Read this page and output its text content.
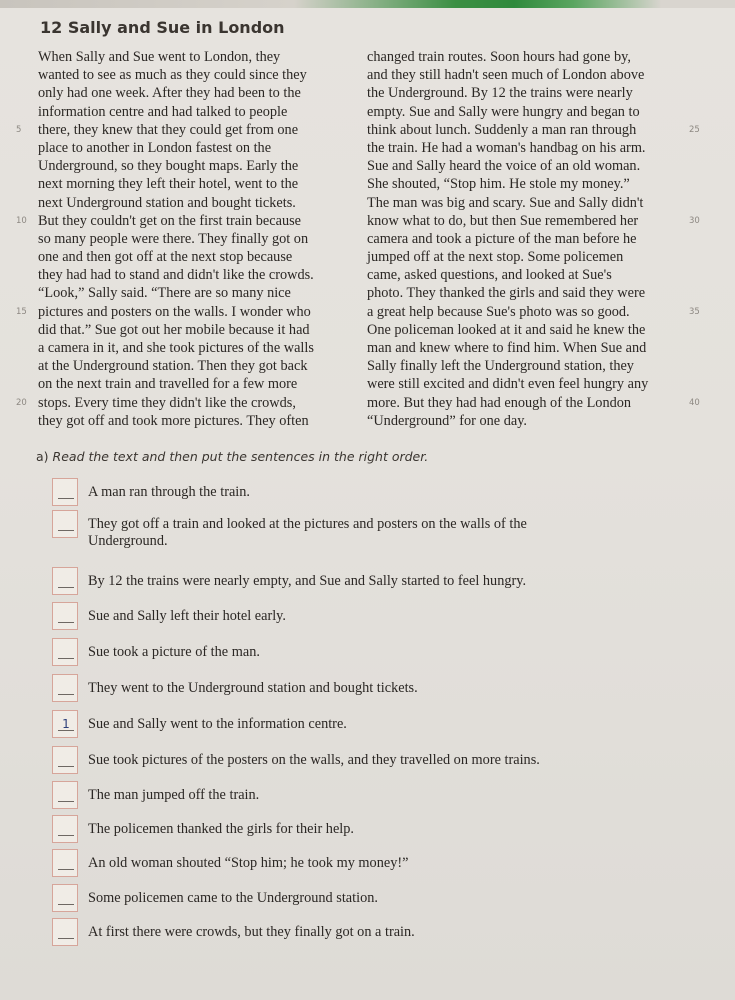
12 Sally and Sue in London
When Sally and Sue went to London, they
wanted to see as much as they could since they
only had one week. After they had been to the
information centre and had talked to people
there, they knew that they could get from one
5
place to another in London fastest on the
Underground, so they bought maps. Early the
next morning they left their hotel, went to the
next Underground station and bought tickets.
But they couldn't get on the first train because
10
so many people were there. They finally got on
one and then got off at the next stop because
they had had to stand and didn't like the crowds.
“Look,” Sally said. “There are so many nice
pictures and posters on the walls. I wonder who
15
did that.” Sue got out her mobile because it had
a camera in it, and she took pictures of the walls
at the Underground station. Then they got back
on the next train and travelled for a few more
stops. Every time they didn't like the crowds,
20
they got off and took more pictures. They often
changed train routes. Soon hours had gone by,
and they still hadn't seen much of London above
the Underground. By 12 the trains were nearly
empty. Sue and Sally were hungry and began to
think about lunch. Suddenly a man ran through	25
the train. He had a woman's handbag on his arm.
Sue and Sally heard the voice of an old woman.
She shouted, “Stop him. He stole my money.”
The man was big and scary. Sue and Sally didn't
know what to do, but then Sue remembered her	30
camera and took a picture of the man before he
jumped off at the next stop. Some policemen
came, asked questions, and looked at Sue's
photo. They thanked the girls and said they were
a great help because Sue's photo was so good.	35
One policeman looked at it and said he knew the
man and knew where to find him. When Sue and
Sally finally left the Underground station, they
were still excited and didn't even feel hungry any
more. But they had had enough of the London	40
“Underground” for one day.

a) Read the text and then put the sentences in the right order.

A man ran through the train.
They got off a train and looked at the pictures and posters on the walls of the Underground.
By 12 the trains were nearly empty, and Sue and Sally started to feel hungry.
Sue and Sally left their hotel early.
Sue took a picture of the man.
They went to the Underground station and bought tickets.
1 Sue and Sally went to the information centre.
Sue took pictures of the posters on the walls, and they travelled on more trains.
The man jumped off the train.
The policemen thanked the girls for their help.
An old woman shouted “Stop him; he took my money!”
Some policemen came to the Underground station.
At first there were crowds, but they finally got on a train.
